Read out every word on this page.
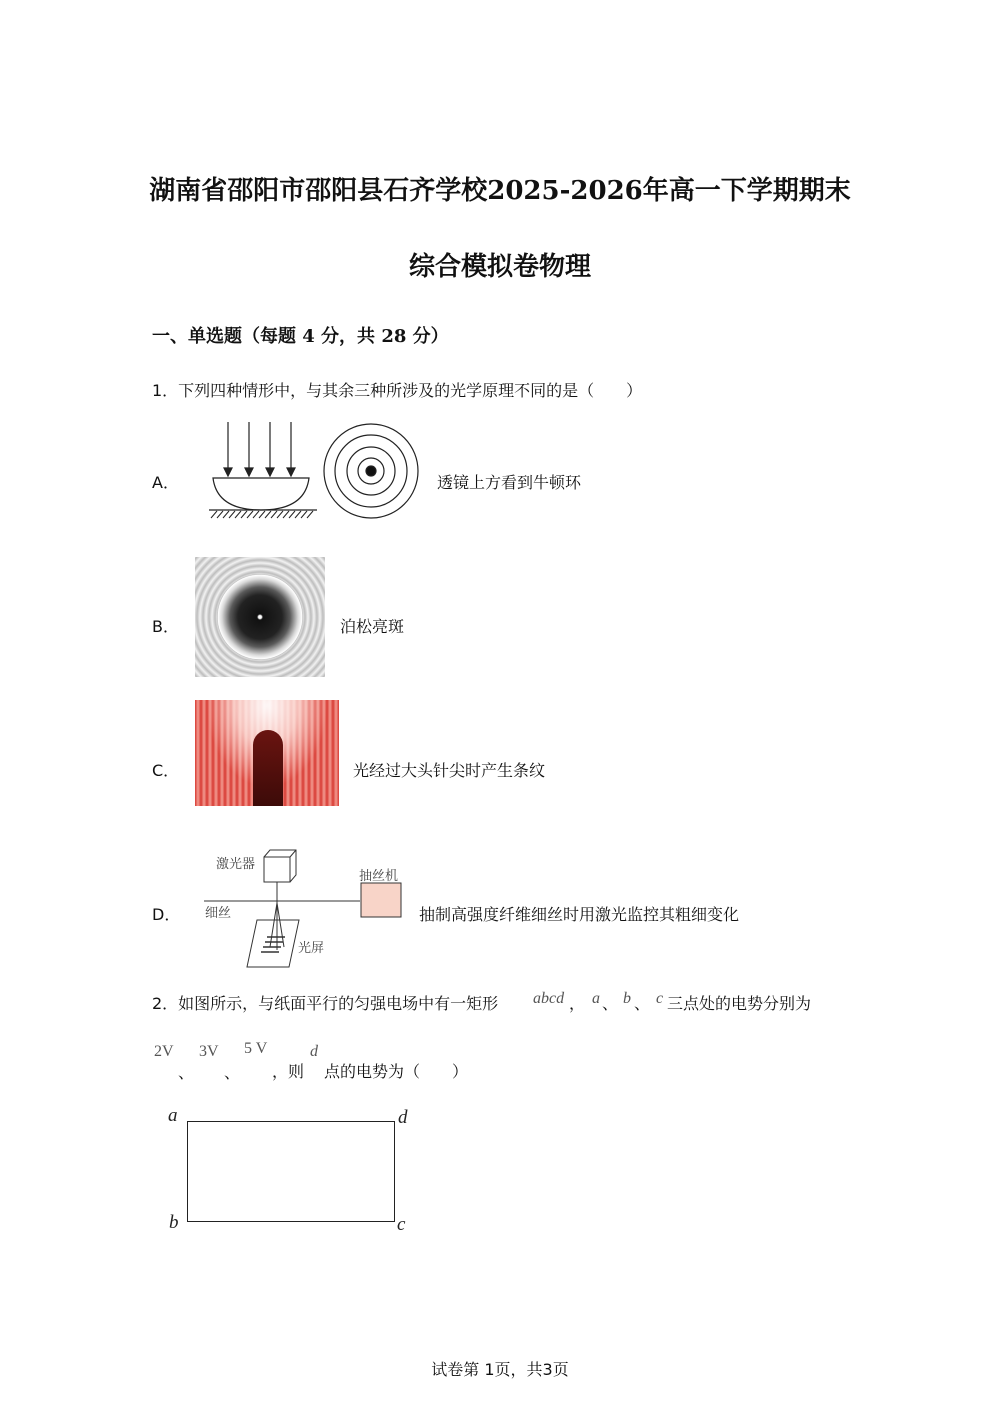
湖南省邵阳市邵阳县石齐学校2025-2026年高一下学期期末
综合模拟卷物理
一、单选题（每题 4 分，共 28 分）
1．下列四种情形中，与其余三种所涉及的光学原理不同的是（　　）
A．	透镜上方看到牛顿环
B．	泊松亮斑
C．	光经过大头针尖时产生条纹
D．
激光器
细丝
抽丝机
光屏
抽制高强度纤维细丝时用激光监控其粗细变化
2．如图所示，与纸面平行的匀强电场中有一矩形 abcd ， a 、 b 、 c 三点处的电势分别为
2V
、
3V
、
5 V
，则
d
点的电势为（　　）
a	d
b	c
试卷第 1页，共3页
